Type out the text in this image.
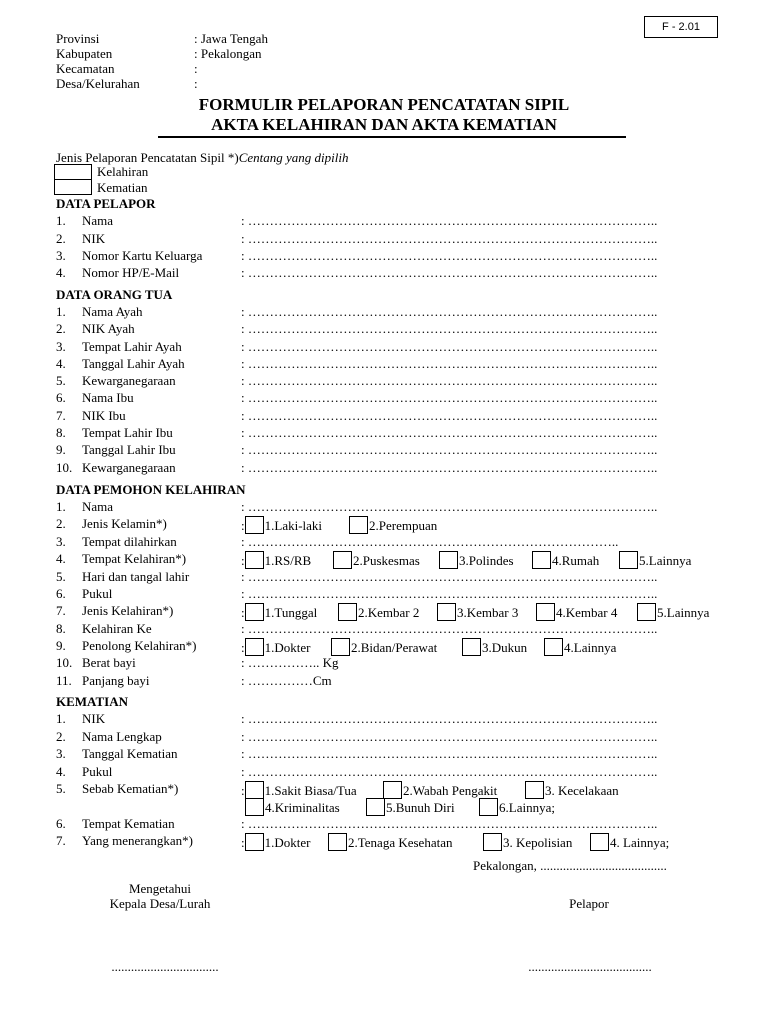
F - 2.01
Provinsi	: Jawa Tengah
Kabupaten	: Pekalongan
Kecamatan	:
Desa/Kelurahan	:
FORMULIR PELAPORAN PENCATATAN SIPIL
AKTA KELAHIRAN DAN AKTA KEMATIAN
Jenis Pelaporan Pencatatan Sipil *)Centang yang dipilih
Kelahiran
Kematian
DATA PELAPOR
1.	Nama	: …………………………………………………………………………………..
2.	NIK	: …………………………………………………………………………………..
3.	Nomor Kartu Keluarga	: …………………………………………………………………………………..
4.	Nomor HP/E-Mail	: …………………………………………………………………………………..
DATA ORANG TUA
1.	Nama Ayah	: …………………………………………………………………………………..
2.	NIK Ayah	: …………………………………………………………………………………..
3.	Tempat Lahir Ayah	: …………………………………………………………………………………..
4.	Tanggal Lahir Ayah	: …………………………………………………………………………………..
5.	Kewarganegaraan	: …………………………………………………………………………………..
6.	Nama Ibu	: …………………………………………………………………………………..
7.	NIK Ibu	: …………………………………………………………………………………..
8.	Tempat Lahir Ibu	: …………………………………………………………………………………..
9.	Tanggal Lahir Ibu	: …………………………………………………………………………………..
10. Kewarganegaraan	: …………………………………………………………………………………..
DATA PEMOHON KELAHIRAN
1.	Nama	: …………………………………………………………………………………..
2.	Jenis Kelamin*)	: 1.Laki-laki	2.Perempuan
3.	Tempat dilahirkan	: …………………………………………………………………………..
4.	Tempat Kelahiran*)	: 1.RS/RB	2.Puskesmas	3.Polindes	4.Rumah	5.Lainnya
5.	Hari dan tangal lahir	: …………………………………………………………………………………..
6.	Pukul	: …………………………………………………………………………………..
7.	Jenis Kelahiran*)	: 1.Tunggal	2.Kembar 2	3.Kembar 3	4.Kembar 4	5.Lainnya
8.	Kelahiran Ke	: …………………………………………………………………………………..
9.	Penolong Kelahiran*)	: 1.Dokter	2.Bidan/Perawat	3.Dukun	4.Lainnya
10. Berat bayi	: …………….. Kg
11. Panjang bayi	: ……………Cm
KEMATIAN
1.	NIK	: …………………………………………………………………………………..
2.	Nama Lengkap	: …………………………………………………………………………………..
3.	Tanggal Kematian	: …………………………………………………………………………………..
4.	Pukul	: …………………………………………………………………………………..
5.	Sebab Kematian*)	: 1.Sakit Biasa/Tua	2.Wabah Pengakit	3. Kecelakaan
4.Kriminalitas	5.Bunuh Diri	6.Lainnya;
6.	Tempat Kematian	: …………………………………………………………………………………..
7.	Yang menerangkan*)	: 1.Dokter	2.Tenaga Kesehatan	3. Kepolisian	4. Lainnya;
Pekalongan, .......................................
Mengetahui
Kepala Desa/Lurah	Pelapor
.................................	......................................
